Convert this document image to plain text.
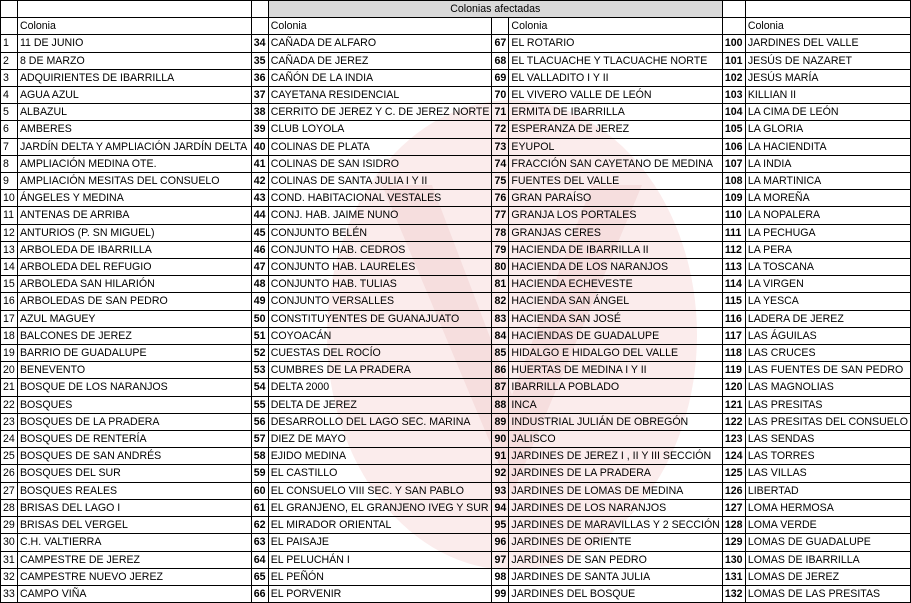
			Colonias afectadas				
	Colonia		Colonia		Colonia		Colonia
1	11 DE JUNIO	34	CAÑADA DE ALFARO	67	EL ROTARIO	100	JARDINES DEL VALLE
2	8 DE MARZO	35	CAÑADA DE JEREZ	68	EL TLACUACHE Y TLACUACHE NORTE	101	JESÚS DE NAZARET
3	ADQUIRIENTES DE IBARRILLA	36	CAÑÓN DE LA INDIA	69	EL VALLADITO I Y II	102	JESÚS MARÍA
4	AGUA AZUL	37	CAYETANA RESIDENCIAL	70	EL VIVERO VALLE DE LEÓN	103	KILLIAN II
5	ALBAZUL	38	CERRITO DE JEREZ Y C. DE JEREZ NORTE	71	ERMITA DE IBARRILLA	104	LA CIMA DE LEÓN
6	AMBERES	39	CLUB LOYOLA	72	ESPERANZA DE JEREZ	105	LA GLORIA
7	JARDÍN DELTA Y AMPLIACIÓN JARDÍN DELTA	40	COLINAS DE PLATA	73	EYUPOL	106	LA HACIENDITA
8	AMPLIACIÓN MEDINA OTE.	41	COLINAS DE SAN ISIDRO	74	FRACCIÓN SAN CAYETANO DE MEDINA	107	LA INDIA
9	AMPLIACIÓN MESITAS DEL CONSUELO	42	COLINAS DE SANTA JULIA I Y II	75	FUENTES DEL VALLE	108	LA MARTINICA
10	ÁNGELES Y MEDINA	43	COND. HABITACIONAL VESTALES	76	GRAN PARAÍSO	109	LA MOREÑA
11	ANTENAS DE ARRIBA	44	CONJ. HAB. JAIME NUNO	77	GRANJA LOS PORTALES	110	LA NOPALERA
12	ANTURIOS (P. SN MIGUEL)	45	CONJUNTO BELÉN	78	GRANJAS CERES	111	LA PECHUGA
13	ARBOLEDA DE IBARRILLA	46	CONJUNTO HAB. CEDROS	79	HACIENDA DE IBARRILLA II	112	LA PERA
14	ARBOLEDA DEL REFUGIO	47	CONJUNTO HAB. LAURELES	80	HACIENDA DE LOS NARANJOS	113	LA TOSCANA
15	ARBOLEDA SAN HILARIÓN	48	CONJUNTO HAB. TULIAS	81	HACIENDA ECHEVESTE	114	LA VIRGEN
16	ARBOLEDAS DE SAN PEDRO	49	CONJUNTO VERSALLES	82	HACIENDA SAN ÁNGEL	115	LA YESCA
17	AZUL MAGUEY	50	CONSTITUYENTES DE GUANAJUATO	83	HACIENDA SAN JOSÉ	116	LADERA DE JEREZ
18	BALCONES DE JEREZ	51	COYOACÁN	84	HACIENDAS DE GUADALUPE	117	LAS ÁGUILAS
19	BARRIO DE GUADALUPE	52	CUESTAS DEL ROCÍO	85	HIDALGO E HIDALGO DEL VALLE	118	LAS CRUCES
20	BENEVENTO	53	CUMBRES DE LA PRADERA	86	HUERTAS DE MEDINA I Y II	119	LAS FUENTES DE SAN PEDRO
21	BOSQUE DE LOS NARANJOS	54	DELTA 2000	87	IBARRILLA POBLADO	120	LAS MAGNOLIAS
22	BOSQUES	55	DELTA DE JEREZ	88	INCA	121	LAS PRESITAS
23	BOSQUES DE LA PRADERA	56	DESARROLLO DEL LAGO SEC. MARINA	89	INDUSTRIAL JULIÁN DE OBREGÓN	122	LAS PRESITAS DEL CONSUELO
24	BOSQUES DE RENTERÍA	57	DIEZ DE MAYO	90	JALISCO	123	LAS SENDAS
25	BOSQUES DE SAN ANDRÉS	58	EJIDO MEDINA	91	JARDINES DE JEREZ I , II Y III SECCIÓN	124	LAS TORRES
26	BOSQUES DEL SUR	59	EL CASTILLO	92	JARDINES DE LA PRADERA	125	LAS VILLAS
27	BOSQUES REALES	60	EL CONSUELO VIII SEC. Y SAN PABLO	93	JARDINES DE LOMAS DE MEDINA	126	LIBERTAD
28	BRISAS DEL LAGO I	61	EL GRANJENO, EL GRANJENO IVEG Y SUR	94	JARDINES DE LOS NARANJOS	127	LOMA HERMOSA
29	BRISAS DEL VERGEL	62	EL MIRADOR ORIENTAL	95	JARDINES DE MARAVILLAS Y 2 SECCIÓN	128	LOMA VERDE
30	C.H. VALTIERRA	63	EL PAISAJE	96	JARDINES DE ORIENTE	129	LOMAS DE GUADALUPE
31	CAMPESTRE DE JEREZ	64	EL PELUCHÁN I	97	JARDINES DE SAN PEDRO	130	LOMAS DE IBARRILLA
32	CAMPESTRE NUEVO JEREZ	65	EL PEÑÓN	98	JARDINES DE SANTA JULIA	131	LOMAS DE JEREZ
33	CAMPO VIÑA	66	EL PORVENIR	99	JARDINES DEL BOSQUE	132	LOMAS DE LAS PRESITAS
